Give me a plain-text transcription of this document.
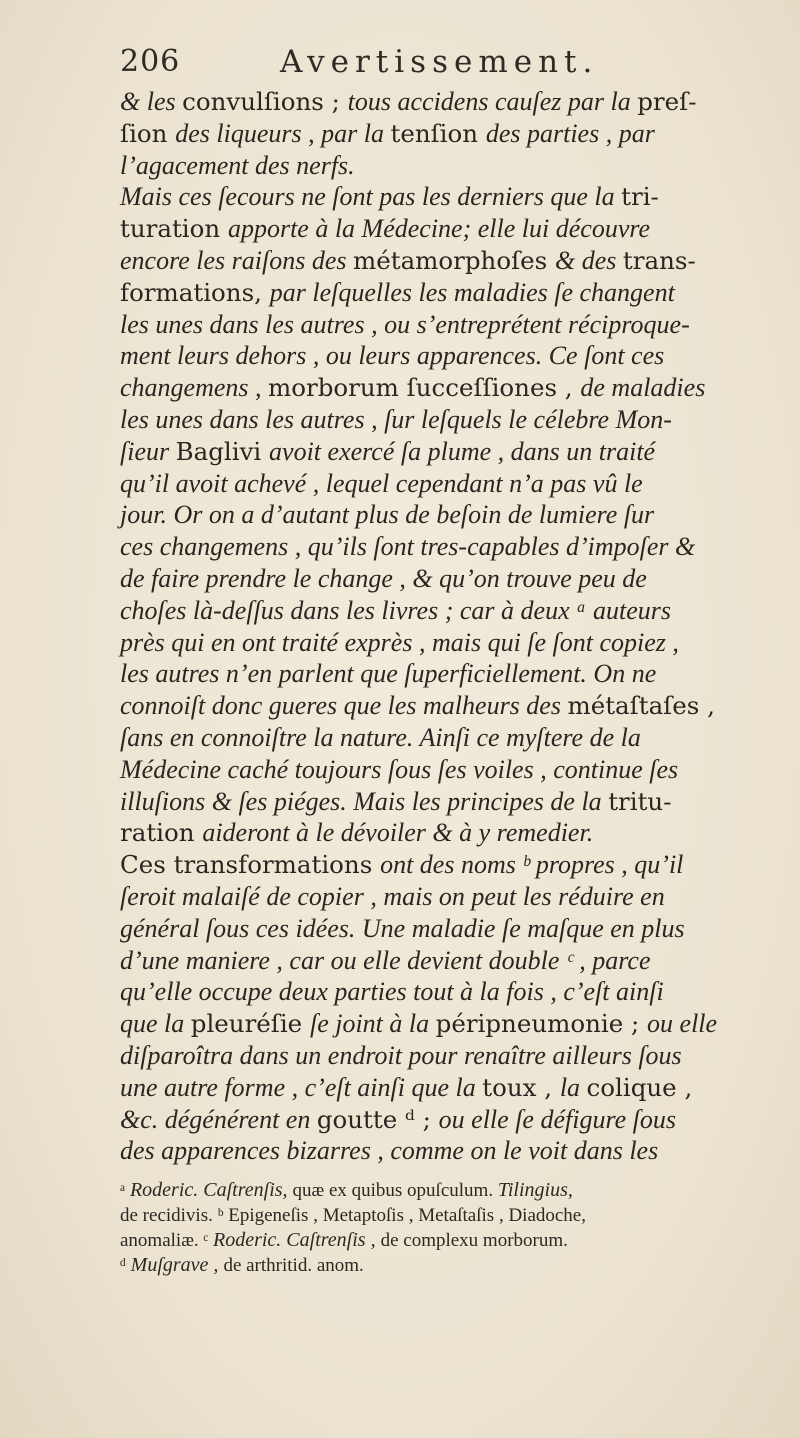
206	Avertissement.
& les convulſions ; tous accidens cauſez par la preſ-
ſion des liqueurs , par la tenſion des parties , par
l’agacement des nerfs.
Mais ces ſecours ne ſont pas les derniers que la tri-
turation apporte à la Médecine; elle lui découvre
encore les raiſons des métamorphoſes & des trans-
formations, par leſquelles les maladies ſe changent
les unes dans les autres , ou s’entreprétent réciproque-
ment leurs dehors , ou leurs apparences. Ce ſont ces
changemens , morborum ſucceſſiones , de maladies
les unes dans les autres , ſur leſquels le célebre Mon-
ſieur Baglivi avoit exercé ſa plume , dans un traité
qu’il avoit achevé , lequel cependant n’a pas vû le
jour. Or on a d’autant plus de beſoin de lumiere ſur
ces changemens , qu’ils ſont tres-capables d’impoſer &
de faire prendre le change , & qu’on trouve peu de
choſes là-deſſus dans les livres ; car à deux ᵃ auteurs
près qui en ont traité exprès , mais qui ſe ſont copiez ,
les autres n’en parlent que ſuperficiellement. On ne
connoiſt donc gueres que les malheurs des métaſtaſes ,
ſans en connoiſtre la nature. Ainſi ce myſtere de la
Médecine caché toujours ſous ſes voiles , continue ſes
illuſions & ſes piéges. Mais les principes de la tritu-
ration aideront à le dévoiler & à y remedier.
Ces transformations ont des noms ᵇ propres , qu’il
ſeroit malaiſé de copier , mais on peut les réduire en
général ſous ces idées. Une maladie ſe maſque en plus
d’une maniere , car ou elle devient double ᶜ , parce
qu’elle occupe deux parties tout à la fois , c’eſt ainſi
que la pleuréſie ſe joint à la péripneumonie ; ou elle
diſparoîtra dans un endroit pour renaître ailleurs ſous
une autre forme , c’eſt ainſi que la toux , la colique ,
&c. dégénérent en goutte ᵈ ; ou elle ſe défigure ſous
des apparences bizarres , comme on le voit dans les
ᵃ Roderic. Caſtrenſis, quæ ex quibus opuſculum. Tilingius,
de recidivis. ᵇ Epigeneſis , Metaptoſis , Metaſtaſis , Diadoche,
anomaliæ. ᶜ Roderic. Caſtrenſis , de complexu morborum.
ᵈ Muſgrave , de arthritid. anom.
